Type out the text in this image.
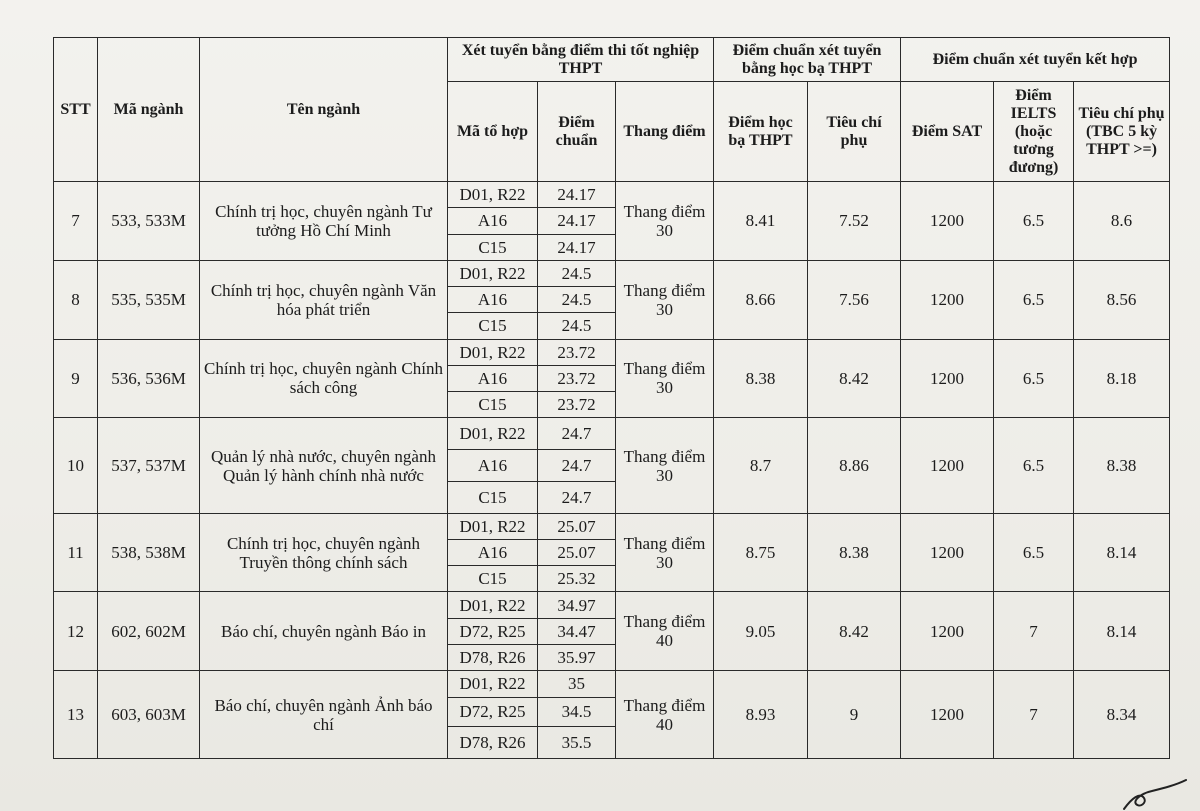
STT	Mã ngành	Tên ngành	Xét tuyển bằng điểm thi tốt nghiệp THPT			Điểm chuẩn xét tuyển bằng học bạ THPT		Điểm chuẩn xét tuyển kết hợp		
			Mã tổ hợp	Điểm chuẩn	Thang điểm	Điểm học bạ THPT	Tiêu chí phụ	Điểm SAT	Điểm IELTS (hoặc tương đương)	Tiêu chí phụ (TBC 5 kỳ THPT >=)
7	533, 533M	Chính trị học, chuyên ngành Tư tưởng Hồ Chí Minh	D01, R22	24.17	Thang điểm 30	8.41	7.52	1200	6.5	8.6
			A16	24.17						
			C15	24.17						
8	535, 535M	Chính trị học, chuyên ngành Văn hóa phát triển	D01, R22	24.5	Thang điểm 30	8.66	7.56	1200	6.5	8.56
			A16	24.5						
			C15	24.5						
9	536, 536M	Chính trị học, chuyên ngành Chính sách công	D01, R22	23.72	Thang điểm 30	8.38	8.42	1200	6.5	8.18
			A16	23.72						
			C15	23.72						
10	537, 537M	Quản lý nhà nước, chuyên ngành Quản lý hành chính nhà nước	D01, R22	24.7	Thang điểm 30	8.7	8.86	1200	6.5	8.38
			A16	24.7						
			C15	24.7						
11	538, 538M	Chính trị học, chuyên ngành Truyền thông chính sách	D01, R22	25.07	Thang điểm 30	8.75	8.38	1200	6.5	8.14
			A16	25.07						
			C15	25.32						
12	602, 602M	Báo chí, chuyên ngành Báo in	D01, R22	34.97	Thang điểm 40	9.05	8.42	1200	7	8.14
			D72, R25	34.47						
			D78, R26	35.97						
13	603, 603M	Báo chí, chuyên ngành Ảnh báo chí	D01, R22	35	Thang điểm 40	8.93	9	1200	7	8.34
			D72, R25	34.5						
			D78, R26	35.5						
